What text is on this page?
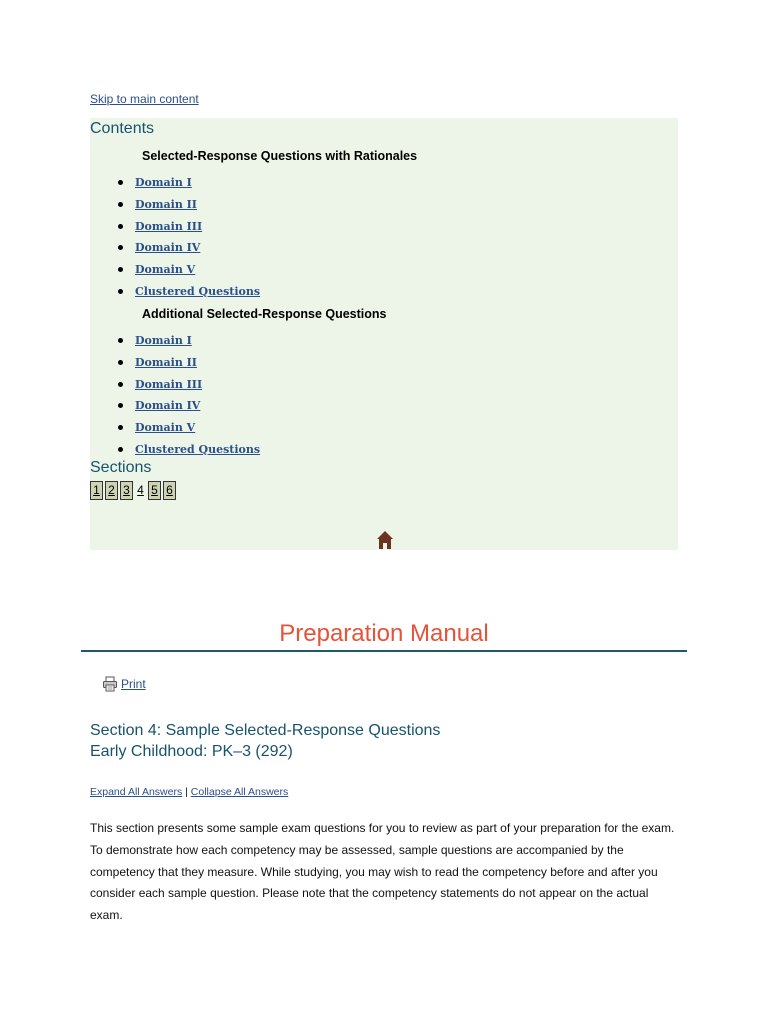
Skip to main content
Contents
Selected-Response Questions with Rationales
Domain I
Domain II
Domain III
Domain IV
Domain V
Clustered Questions
Additional Selected-Response Questions
Domain I
Domain II
Domain III
Domain IV
Domain V
Clustered Questions
Sections
1 2 3 4 5 6
Preparation Manual
Print
Section 4: Sample Selected-Response Questions
Early Childhood: PK–3 (292)
Expand All Answers | Collapse All Answers

This section presents some sample exam questions for you to review as part of your preparation for the exam. To demonstrate how each competency may be assessed, sample questions are accompanied by the competency that they measure. While studying, you may wish to read the competency before and after you consider each sample question. Please note that the competency statements do not appear on the actual exam.
